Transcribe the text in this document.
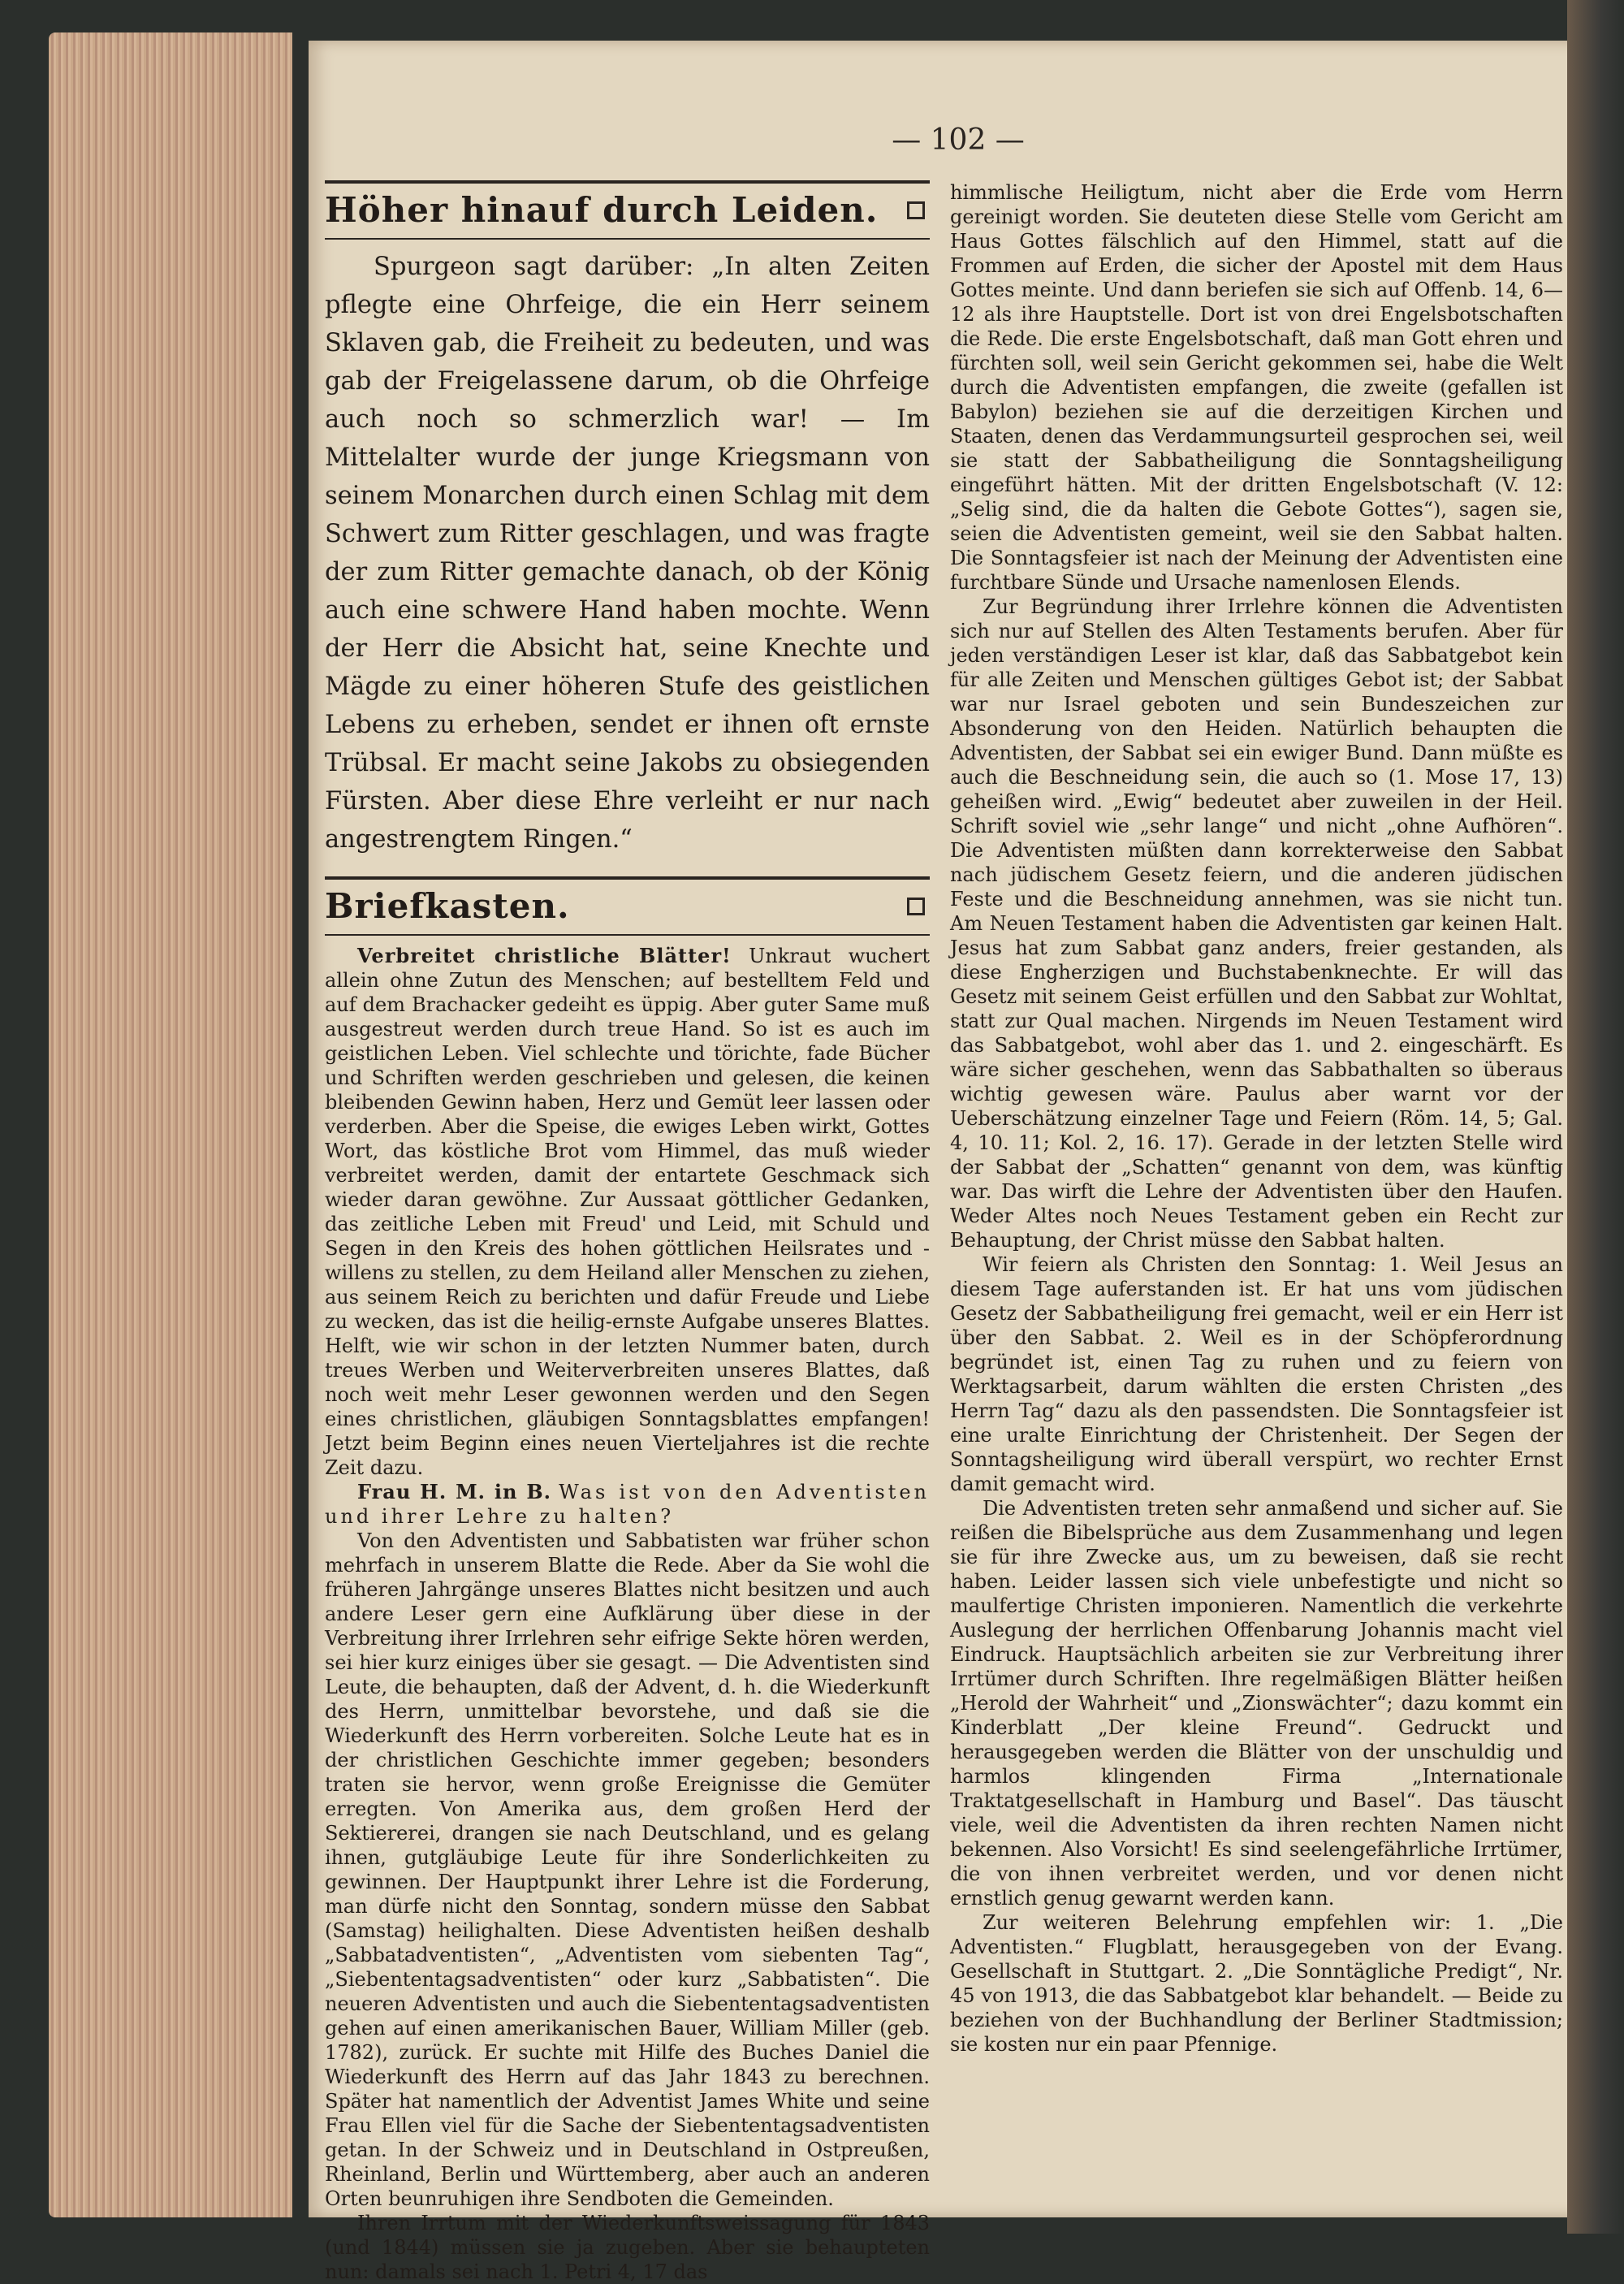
— 102 —
Höher hinauf durch Leiden.

Spurgeon sagt darüber: „In alten Zeiten pflegte eine Ohrfeige, die ein Herr seinem Sklaven gab, die Freiheit zu bedeuten, und was gab der Freigelassene darum, ob die Ohrfeige auch noch so schmerzlich war! — Im Mittelalter wurde der junge Kriegsmann von seinem Monarchen durch einen Schlag mit dem Schwert zum Ritter geschlagen, und was fragte der zum Ritter gemachte danach, ob der König auch eine schwere Hand haben mochte. Wenn der Herr die Absicht hat, seine Knechte und Mägde zu einer höheren Stufe des geistlichen Lebens zu erheben, sendet er ihnen oft ernste Trübsal. Er macht seine Jakobs zu obsiegenden Fürsten. Aber diese Ehre verleiht er nur nach angestrengtem Ringen.“

Briefkasten.

Verbreitet christliche Blätter! Unkraut wuchert allein ohne Zutun des Menschen; auf bestelltem Feld und auf dem Brachacker gedeiht es üppig. Aber guter Same muß ausgestreut werden durch treue Hand. So ist es auch im geistlichen Leben. Viel schlechte und törichte, fade Bücher und Schriften werden geschrieben und gelesen, die keinen bleibenden Gewinn haben, Herz und Gemüt leer lassen oder verderben. Aber die Speise, die ewiges Leben wirkt, Gottes Wort, das köstliche Brot vom Himmel, das muß wieder verbreitet werden, damit der entartete Geschmack sich wieder daran gewöhne. Zur Aussaat göttlicher Gedanken, das zeitliche Leben mit Freud' und Leid, mit Schuld und Segen in den Kreis des hohen göttlichen Heilsrates und -willens zu stellen, zu dem Heiland aller Menschen zu ziehen, aus seinem Reich zu berichten und dafür Freude und Liebe zu wecken, das ist die heilig-ernste Aufgabe unseres Blattes. Helft, wie wir schon in der letzten Nummer baten, durch treues Werben und Weiterverbreiten unseres Blattes, daß noch weit mehr Leser gewonnen werden und den Segen eines christlichen, gläubigen Sonntagsblattes empfangen! Jetzt beim Beginn eines neuen Vierteljahres ist die rechte Zeit dazu.

Frau H. M. in B. Was ist von den Adventisten und ihrer Lehre zu halten?

Von den Adventisten und Sabbatisten war früher schon mehrfach in unserem Blatte die Rede. Aber da Sie wohl die früheren Jahrgänge unseres Blattes nicht besitzen und auch andere Leser gern eine Aufklärung über diese in der Verbreitung ihrer Irrlehren sehr eifrige Sekte hören werden, sei hier kurz einiges über sie gesagt. — Die Adventisten sind Leute, die behaupten, daß der Advent, d. h. die Wiederkunft des Herrn, unmittelbar bevorstehe, und daß sie die Wiederkunft des Herrn vorbereiten. Solche Leute hat es in der christlichen Geschichte immer gegeben; besonders traten sie hervor, wenn große Ereignisse die Gemüter erregten. Von Amerika aus, dem großen Herd der Sektiererei, drangen sie nach Deutschland, und es gelang ihnen, gutgläubige Leute für ihre Sonderlichkeiten zu gewinnen. Der Hauptpunkt ihrer Lehre ist die Forderung, man dürfe nicht den Sonntag, sondern müsse den Sabbat (Samstag) heilighalten. Diese Adventisten heißen deshalb „Sabbatadventisten“, „Adventisten vom siebenten Tag“, „Siebententagsadventisten“ oder kurz „Sabbatisten“. Die neueren Adventisten und auch die Siebententagsadventisten gehen auf einen amerikanischen Bauer, William Miller (geb. 1782), zurück. Er suchte mit Hilfe des Buches Daniel die Wiederkunft des Herrn auf das Jahr 1843 zu berechnen. Später hat namentlich der Adventist James White und seine Frau Ellen viel für die Sache der Siebententagsadventisten getan. In der Schweiz und in Deutschland in Ostpreußen, Rheinland, Berlin und Württemberg, aber auch an anderen Orten beunruhigen ihre Sendboten die Gemeinden.

Ihren Irrtum mit der Wiederkunftsweissagung für 1843 (und 1844) müssen sie ja zugeben. Aber sie behaupteten nun: damals sei nach 1. Petri 4, 17 das

himmlische Heiligtum, nicht aber die Erde vom Herrn gereinigt worden. Sie deuteten diese Stelle vom Gericht am Haus Gottes fälschlich auf den Himmel, statt auf die Frommen auf Erden, die sicher der Apostel mit dem Haus Gottes meinte. Und dann beriefen sie sich auf Offenb. 14, 6—12 als ihre Hauptstelle. Dort ist von drei Engelsbotschaften die Rede. Die erste Engelsbotschaft, daß man Gott ehren und fürchten soll, weil sein Gericht gekommen sei, habe die Welt durch die Adventisten empfangen, die zweite (gefallen ist Babylon) beziehen sie auf die derzeitigen Kirchen und Staaten, denen das Verdammungsurteil gesprochen sei, weil sie statt der Sabbatheiligung die Sonntagsheiligung eingeführt hätten. Mit der dritten Engelsbotschaft (V. 12: „Selig sind, die da halten die Gebote Gottes“), sagen sie, seien die Adventisten gemeint, weil sie den Sabbat halten. Die Sonntagsfeier ist nach der Meinung der Adventisten eine furchtbare Sünde und Ursache namenlosen Elends.

Zur Begründung ihrer Irrlehre können die Adventisten sich nur auf Stellen des Alten Testaments berufen. Aber für jeden verständigen Leser ist klar, daß das Sabbatgebot kein für alle Zeiten und Menschen gültiges Gebot ist; der Sabbat war nur Israel geboten und sein Bundeszeichen zur Absonderung von den Heiden. Natürlich behaupten die Adventisten, der Sabbat sei ein ewiger Bund. Dann müßte es auch die Beschneidung sein, die auch so (1. Mose 17, 13) geheißen wird. „Ewig“ bedeutet aber zuweilen in der Heil. Schrift soviel wie „sehr lange“ und nicht „ohne Aufhören“. Die Adventisten müßten dann korrekterweise den Sabbat nach jüdischem Gesetz feiern, und die anderen jüdischen Feste und die Beschneidung annehmen, was sie nicht tun. Am Neuen Testament haben die Adventisten gar keinen Halt. Jesus hat zum Sabbat ganz anders, freier gestanden, als diese Engherzigen und Buchstabenknechte. Er will das Gesetz mit seinem Geist erfüllen und den Sabbat zur Wohltat, statt zur Qual machen. Nirgends im Neuen Testament wird das Sabbatgebot, wohl aber das 1. und 2. eingeschärft. Es wäre sicher geschehen, wenn das Sabbathalten so überaus wichtig gewesen wäre. Paulus aber warnt vor der Ueberschätzung einzelner Tage und Feiern (Röm. 14, 5; Gal. 4, 10. 11; Kol. 2, 16. 17). Gerade in der letzten Stelle wird der Sabbat der „Schatten“ genannt von dem, was künftig war. Das wirft die Lehre der Adventisten über den Haufen. Weder Altes noch Neues Testament geben ein Recht zur Behauptung, der Christ müsse den Sabbat halten.

Wir feiern als Christen den Sonntag: 1. Weil Jesus an diesem Tage auferstanden ist. Er hat uns vom jüdischen Gesetz der Sabbatheiligung frei gemacht, weil er ein Herr ist über den Sabbat. 2. Weil es in der Schöpferordnung begründet ist, einen Tag zu ruhen und zu feiern von Werktagsarbeit, darum wählten die ersten Christen „des Herrn Tag“ dazu als den passendsten. Die Sonntagsfeier ist eine uralte Einrichtung der Christenheit. Der Segen der Sonntagsheiligung wird überall verspürt, wo rechter Ernst damit gemacht wird.

Die Adventisten treten sehr anmaßend und sicher auf. Sie reißen die Bibelsprüche aus dem Zusammenhang und legen sie für ihre Zwecke aus, um zu beweisen, daß sie recht haben. Leider lassen sich viele unbefestigte und nicht so maulfertige Christen imponieren. Namentlich die verkehrte Auslegung der herrlichen Offenbarung Johannis macht viel Eindruck. Hauptsächlich arbeiten sie zur Verbreitung ihrer Irrtümer durch Schriften. Ihre regelmäßigen Blätter heißen „Herold der Wahrheit“ und „Zionswächter“; dazu kommt ein Kinderblatt „Der kleine Freund“. Gedruckt und herausgegeben werden die Blätter von der unschuldig und harmlos klingenden Firma „Internationale Traktatgesellschaft in Hamburg und Basel“. Das täuscht viele, weil die Adventisten da ihren rechten Namen nicht bekennen. Also Vorsicht! Es sind seelengefährliche Irrtümer, die von ihnen verbreitet werden, und vor denen nicht ernstlich genug gewarnt werden kann.

Zur weiteren Belehrung empfehlen wir: 1. „Die Adventisten.“ Flugblatt, herausgegeben von der Evang. Gesellschaft in Stuttgart. 2. „Die Sonntägliche Predigt“, Nr. 45 von 1913, die das Sabbatgebot klar behandelt. — Beide zu beziehen von der Buchhandlung der Berliner Stadtmission; sie kosten nur ein paar Pfennige.
